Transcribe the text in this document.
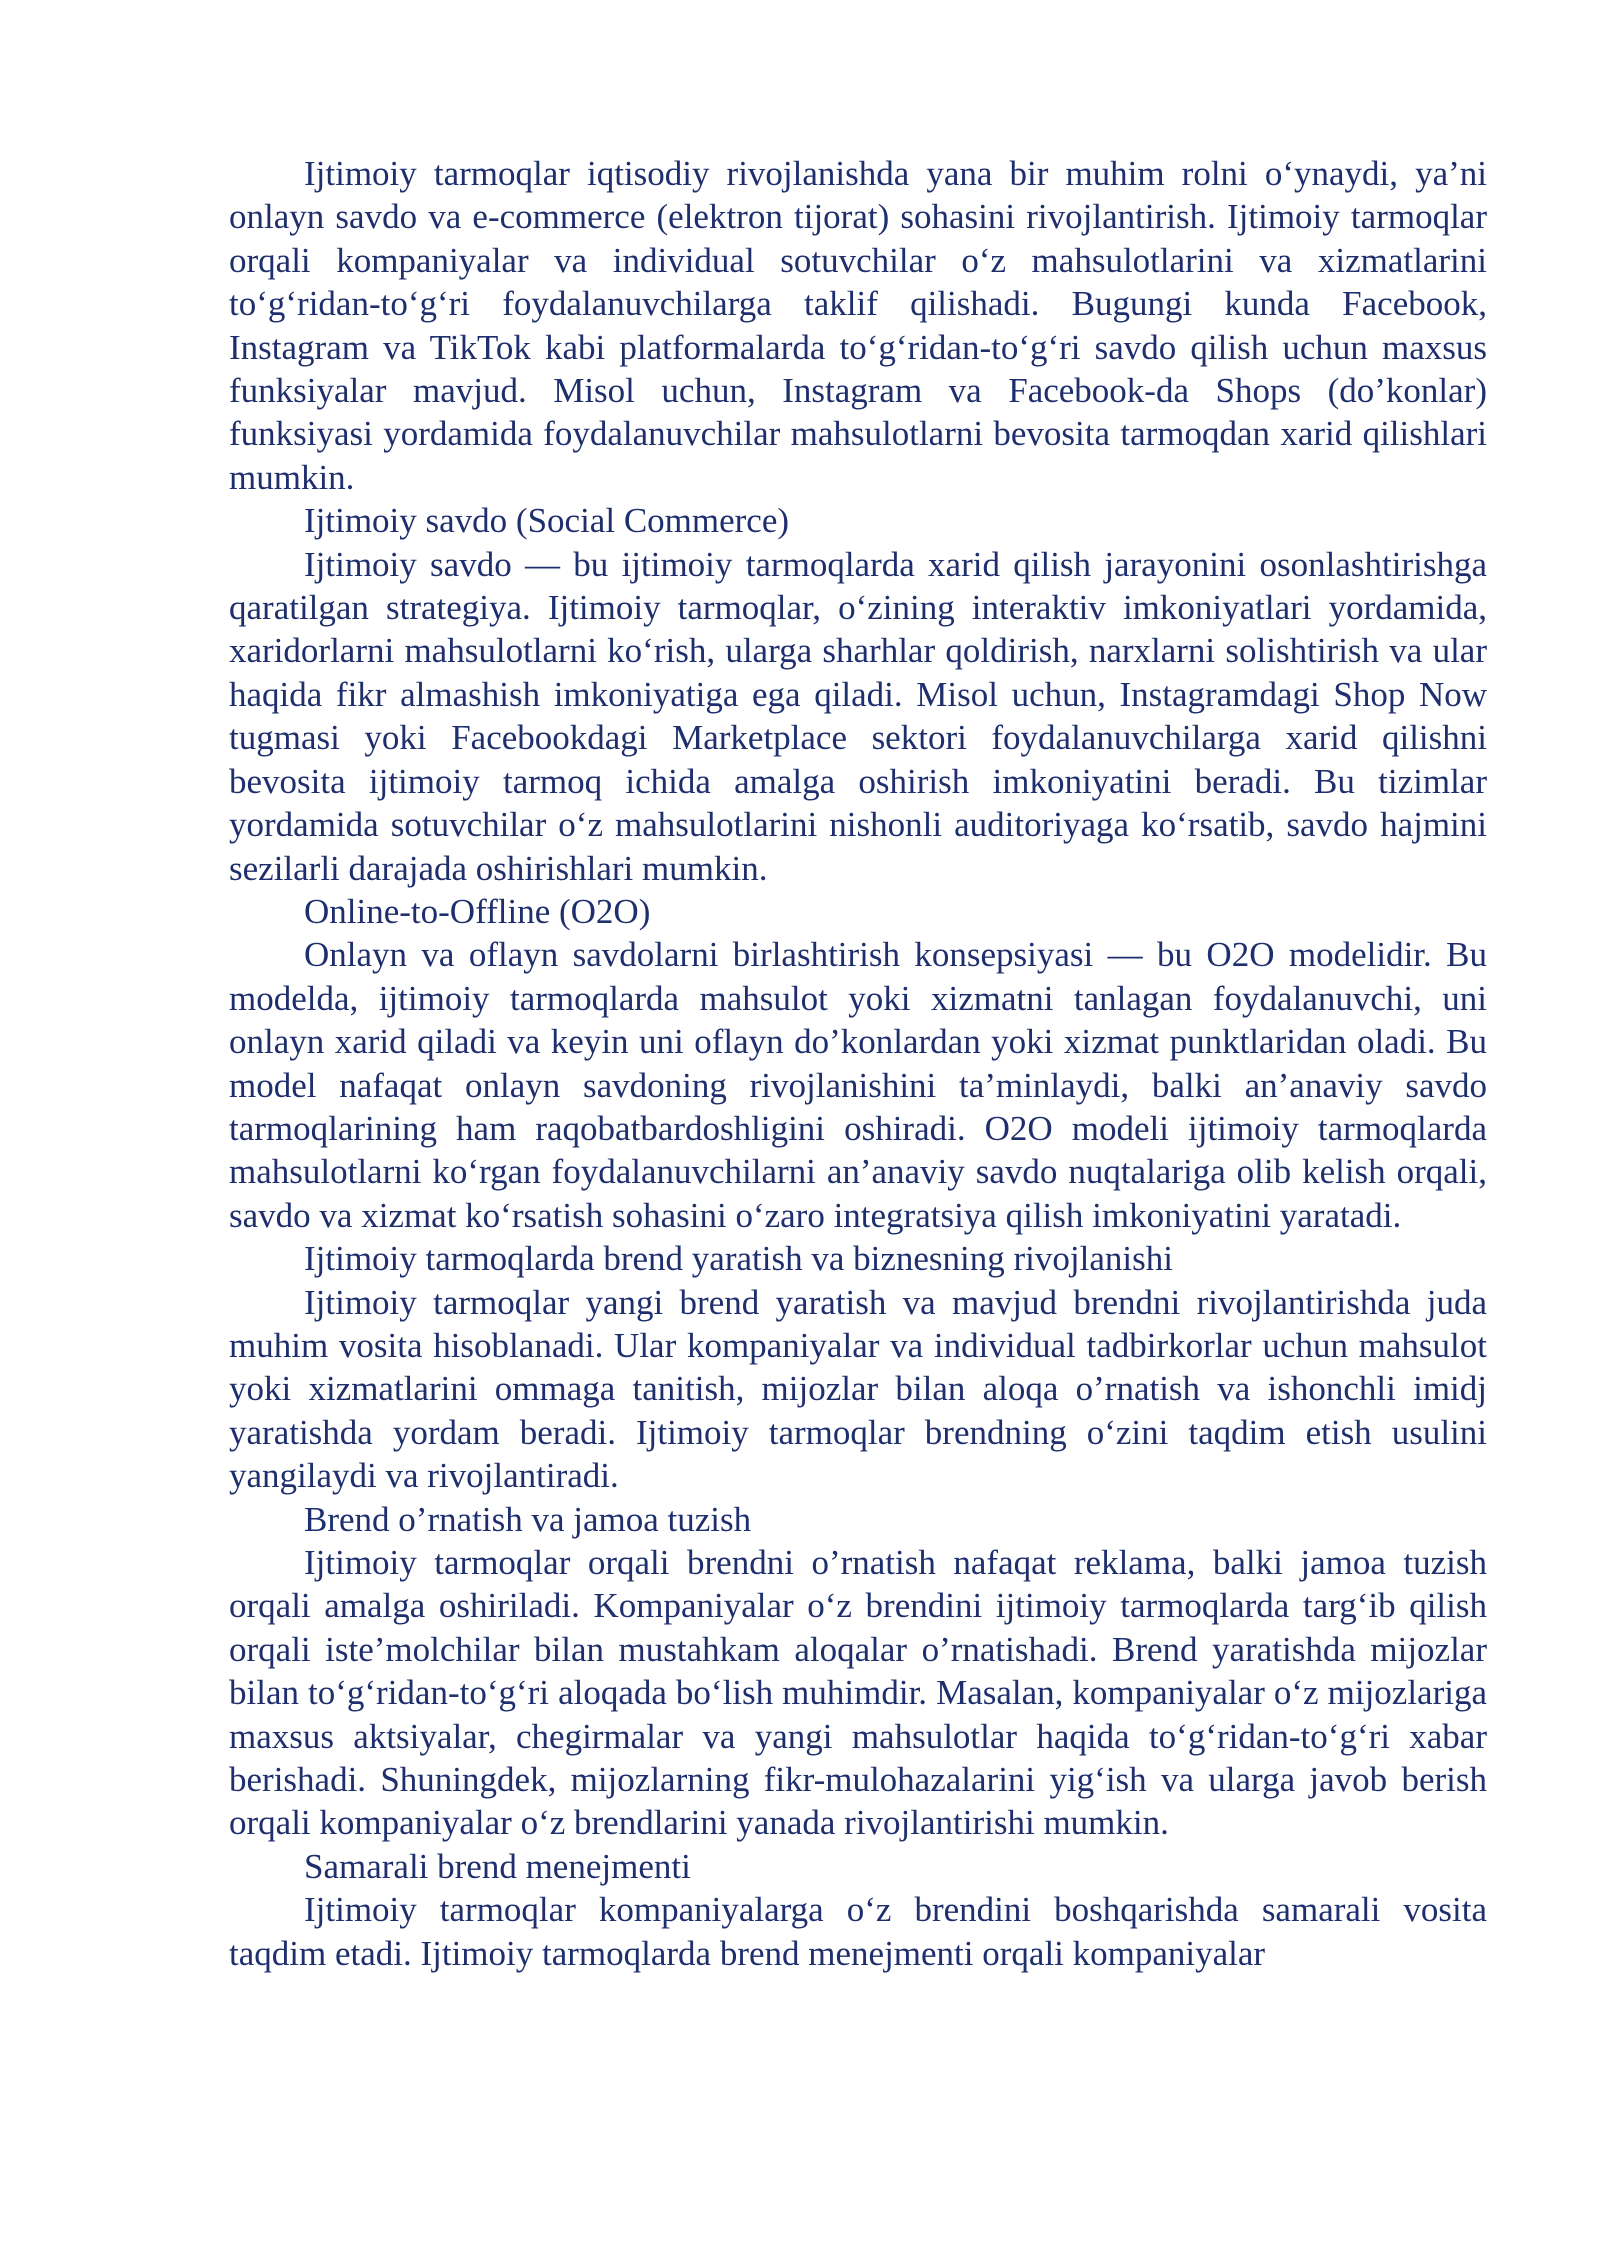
Ijtimoiy tarmoqlar iqtisodiy rivojlanishda yana bir muhim rolni o‘ynaydi, ya’ni onlayn savdo va e-commerce (elektron tijorat) sohasini rivojlantirish. Ijtimoiy tarmoqlar orqali kompaniyalar va individual sotuvchilar o‘z mahsulotlarini va xizmatlarini to‘g‘ridan-to‘g‘ri foydalanuvchilarga taklif qilishadi. Bugungi kunda Facebook, Instagram va TikTok kabi platformalarda to‘g‘ridan-to‘g‘ri savdo qilish uchun maxsus funksiyalar mavjud. Misol uchun, Instagram va Facebook-da Shops (do’konlar) funksiyasi yordamida foydalanuvchilar mahsulotlarni bevosita tarmoqdan xarid qilishlari mumkin.

Ijtimoiy savdo (Social Commerce)

Ijtimoiy savdo — bu ijtimoiy tarmoqlarda xarid qilish jarayonini osonlashtirishga qaratilgan strategiya. Ijtimoiy tarmoqlar, o‘zining interaktiv imkoniyatlari yordamida, xaridorlarni mahsulotlarni ko‘rish, ularga sharhlar qoldirish, narxlarni solishtirish va ular haqida fikr almashish imkoniyatiga ega qiladi. Misol uchun, Instagramdagi Shop Now tugmasi yoki Facebookdagi Marketplace sektori foydalanuvchilarga xarid qilishni bevosita ijtimoiy tarmoq ichida amalga oshirish imkoniyatini beradi. Bu tizimlar yordamida sotuvchilar o‘z mahsulotlarini nishonli auditoriyaga ko‘rsatib, savdo hajmini sezilarli darajada oshirishlari mumkin.

Online-to-Offline (O2O)

Onlayn va oflayn savdolarni birlashtirish konsepsiyasi — bu O2O modelidir. Bu modelda, ijtimoiy tarmoqlarda mahsulot yoki xizmatni tanlagan foydalanuvchi, uni onlayn xarid qiladi va keyin uni oflayn do’konlardan yoki xizmat punktlaridan oladi. Bu model nafaqat onlayn savdoning rivojlanishini ta’minlaydi, balki an’anaviy savdo tarmoqlarining ham raqobatbardoshligini oshiradi. O2O modeli ijtimoiy tarmoqlarda mahsulotlarni ko‘rgan foydalanuvchilarni an’anaviy savdo nuqtalariga olib kelish orqali, savdo va xizmat ko‘rsatish sohasini o‘zaro integratsiya qilish imkoniyatini yaratadi.

Ijtimoiy tarmoqlarda brend yaratish va biznesning rivojlanishi

Ijtimoiy tarmoqlar yangi brend yaratish va mavjud brendni rivojlantirishda juda muhim vosita hisoblanadi. Ular kompaniyalar va individual tadbirkorlar uchun mahsulot yoki xizmatlarini ommaga tanitish, mijozlar bilan aloqa o’rnatish va ishonchli imidj yaratishda yordam beradi. Ijtimoiy tarmoqlar brendning o‘zini taqdim etish usulini yangilaydi va rivojlantiradi.

Brend o’rnatish va jamoa tuzish

Ijtimoiy tarmoqlar orqali brendni o’rnatish nafaqat reklama, balki jamoa tuzish orqali amalga oshiriladi. Kompaniyalar o‘z brendini ijtimoiy tarmoqlarda targ‘ib qilish orqali iste’molchilar bilan mustahkam aloqalar o’rnatishadi. Brend yaratishda mijozlar bilan to‘g‘ridan-to‘g‘ri aloqada bo‘lish muhimdir. Masalan, kompaniyalar o‘z mijozlariga maxsus aktsiyalar, chegirmalar va yangi mahsulotlar haqida to‘g‘ridan-to‘g‘ri xabar berishadi. Shuningdek, mijozlarning fikr-mulohazalarini yig‘ish va ularga javob berish orqali kompaniyalar o‘z brendlarini yanada rivojlantirishi mumkin.

Samarali brend menejmenti

Ijtimoiy tarmoqlar kompaniyalarga o‘z brendini boshqarishda samarali vosita taqdim etadi. Ijtimoiy tarmoqlarda brend menejmenti orqali kompaniyalar
